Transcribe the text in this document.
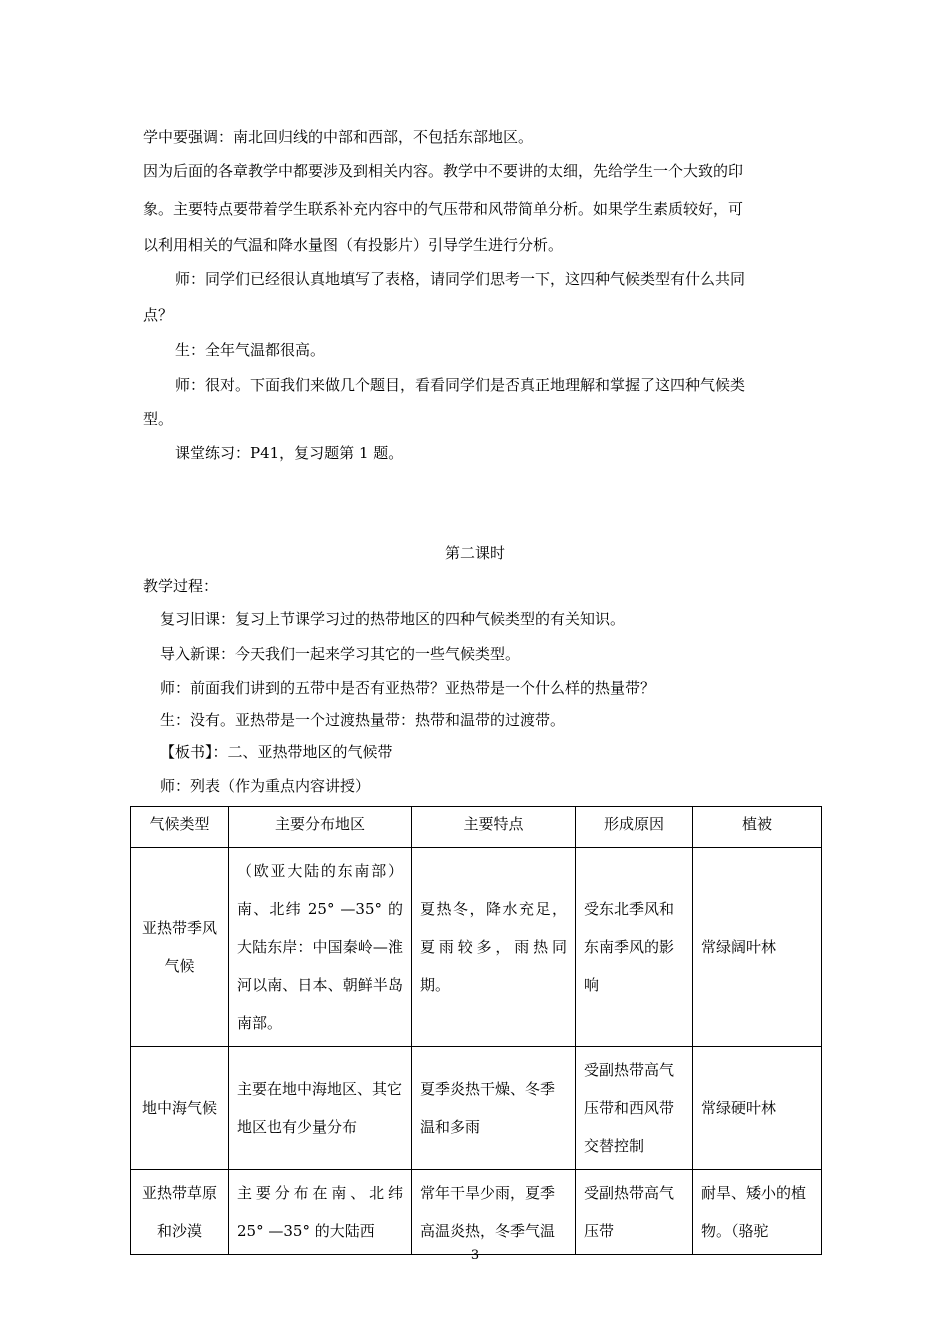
学中要强调：南北回归线的中部和西部，不包括东部地区。
因为后面的各章教学中都要涉及到相关内容。教学中不要讲的太细，先给学生一个大致的印
象。主要特点要带着学生联系补充内容中的气压带和风带简单分析。如果学生素质较好，可
以利用相关的气温和降水量图（有投影片）引导学生进行分析。
师：同学们已经很认真地填写了表格，请同学们思考一下，这四种气候类型有什么共同
点？
生：全年气温都很高。
师：很对。下面我们来做几个题目，看看同学们是否真正地理解和掌握了这四种气候类
型。
课堂练习：P41，复习题第 1 题。
第二课时
教学过程：
复习旧课：复习上节课学习过的热带地区的四种气候类型的有关知识。
导入新课：今天我们一起来学习其它的一些气候类型。
师：前面我们讲到的五带中是否有亚热带？亚热带是一个什么样的热量带？
生：没有。亚热带是一个过渡热量带：热带和温带的过渡带。
【板书】：二、亚热带地区的气候带
师：列表（作为重点内容讲授）
气候类型	主要分布地区	主要特点	形成原因	植被
亚热带季风气候	（欧亚大陆的东南部）南、北纬 25° —35° 的大陆东岸：中国秦岭—淮河以南、日本、朝鲜半岛南部。	夏热冬，降水充足，夏雨较多，雨热同期。	受东北季风和东南季风的影响	常绿阔叶林
地中海气候	主要在地中海地区、其它地区也有少量分布	夏季炎热干燥、冬季温和多雨	受副热带高气压带和西风带交替控制	常绿硬叶林
亚热带草原和沙漠	主要分布在南、北纬 25° —35° 的大陆西	常年干旱少雨，夏季高温炎热，冬季气温	受副热带高气压带	耐旱、矮小的植物。（骆驼
3
